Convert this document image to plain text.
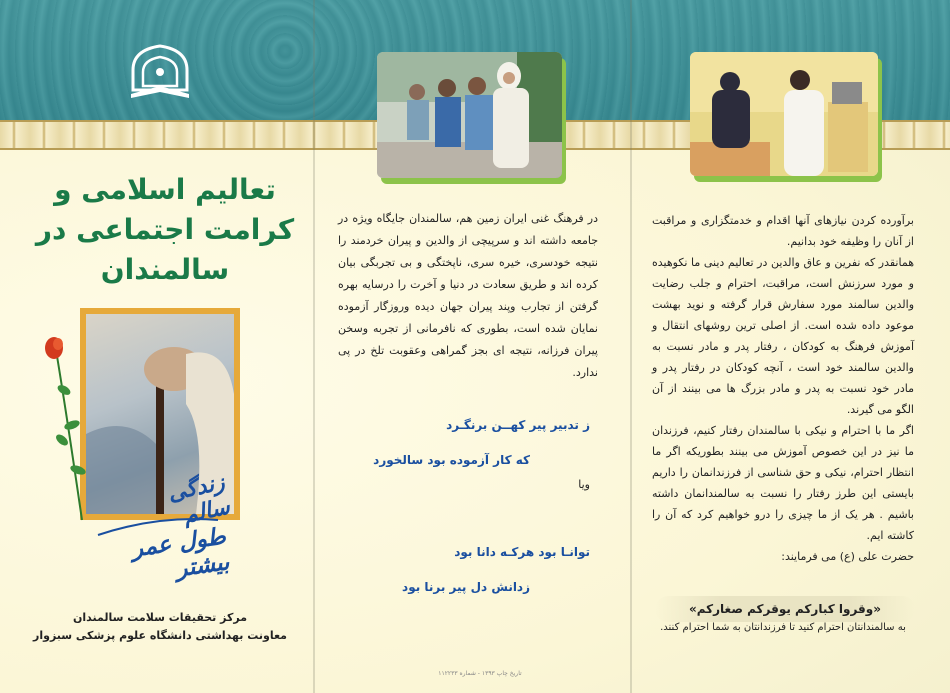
تعالیم اسلامی و
کرامت اجتماعی در
سالمندان
زندگی سالم
طول عمر بیشتر
مرکز تحقیقات سلامت سالمندان
معاونت بهداشتی دانشگاه علوم پزشکی سبزوار
در فرهنگ غنی ایران زمین هم، سالمندان جایگاه ویژه در جامعه داشته اند و سرپیچی از والدین و پیران خردمند را نتیجه خودسری، خیره سری، ناپختگی و بی تجربگی بیان کرده اند و طریق سعادت در دنیا و آخرت را درسایه بهره گرفتن از تجارب وپند پیران جهان دیده وروزگار آزموده نمایان شده است، بطوری که نافرمانی از تجربه وسخن پیران فرزانه، نتیجه ای بجز گمراهی وعقوبت تلخ در پی ندارد.
ز تدبیر پیر کهــن برنگـرد
که کار آزموده بود سالخورد
ویا
توانـا بود هرکـه دانا بود
زدانش دل پیر برنا بود
تاریخ چاپ ۱۳۹۳ - شماره ۱۱۲۲۳۳
برآورده کردن نیازهای آنها اقدام و خدمتگزاری و مراقبت از آنان را وظیفه خود بدانیم.
همانقدر که نفرین و عاق والدین در تعالیم دینی ما نکوهیده و مورد سرزنش است، مراقبت، احترام و جلب رضایت والدین سالمند مورد سفارش قرار گرفته و نوید بهشت موعود داده شده است. از اصلی ترین روشهای انتقال و آموزش فرهنگ به کودکان ، رفتار پدر و مادر نسبت به والدین سالمند خود است ، آنچه کودکان در رفتار پدر و مادر خود نسبت به پدر و مادر بزرگ ها می بینند از آن الگو می گیرند.
اگر ما با احترام و نیکی با سالمندان رفتار کنیم، فرزندان ما نیز در این خصوص آموزش می بینند بطوریکه اگر ما انتظار احترام، نیکی و حق شناسی از فرزندانمان را داریم بایستی این طرز رفتار را نسبت به سالمندانمان داشته باشیم . هر یک از ما چیزی را درو خواهیم کرد که آن را کاشته ایم.
حضرت علی (ع) می فرمایند:
«وقروا کبارکم یوقرکم صغارکم»
به سالمندانتان احترام کنید تا فرزندانتان به شما احترام کنند.
